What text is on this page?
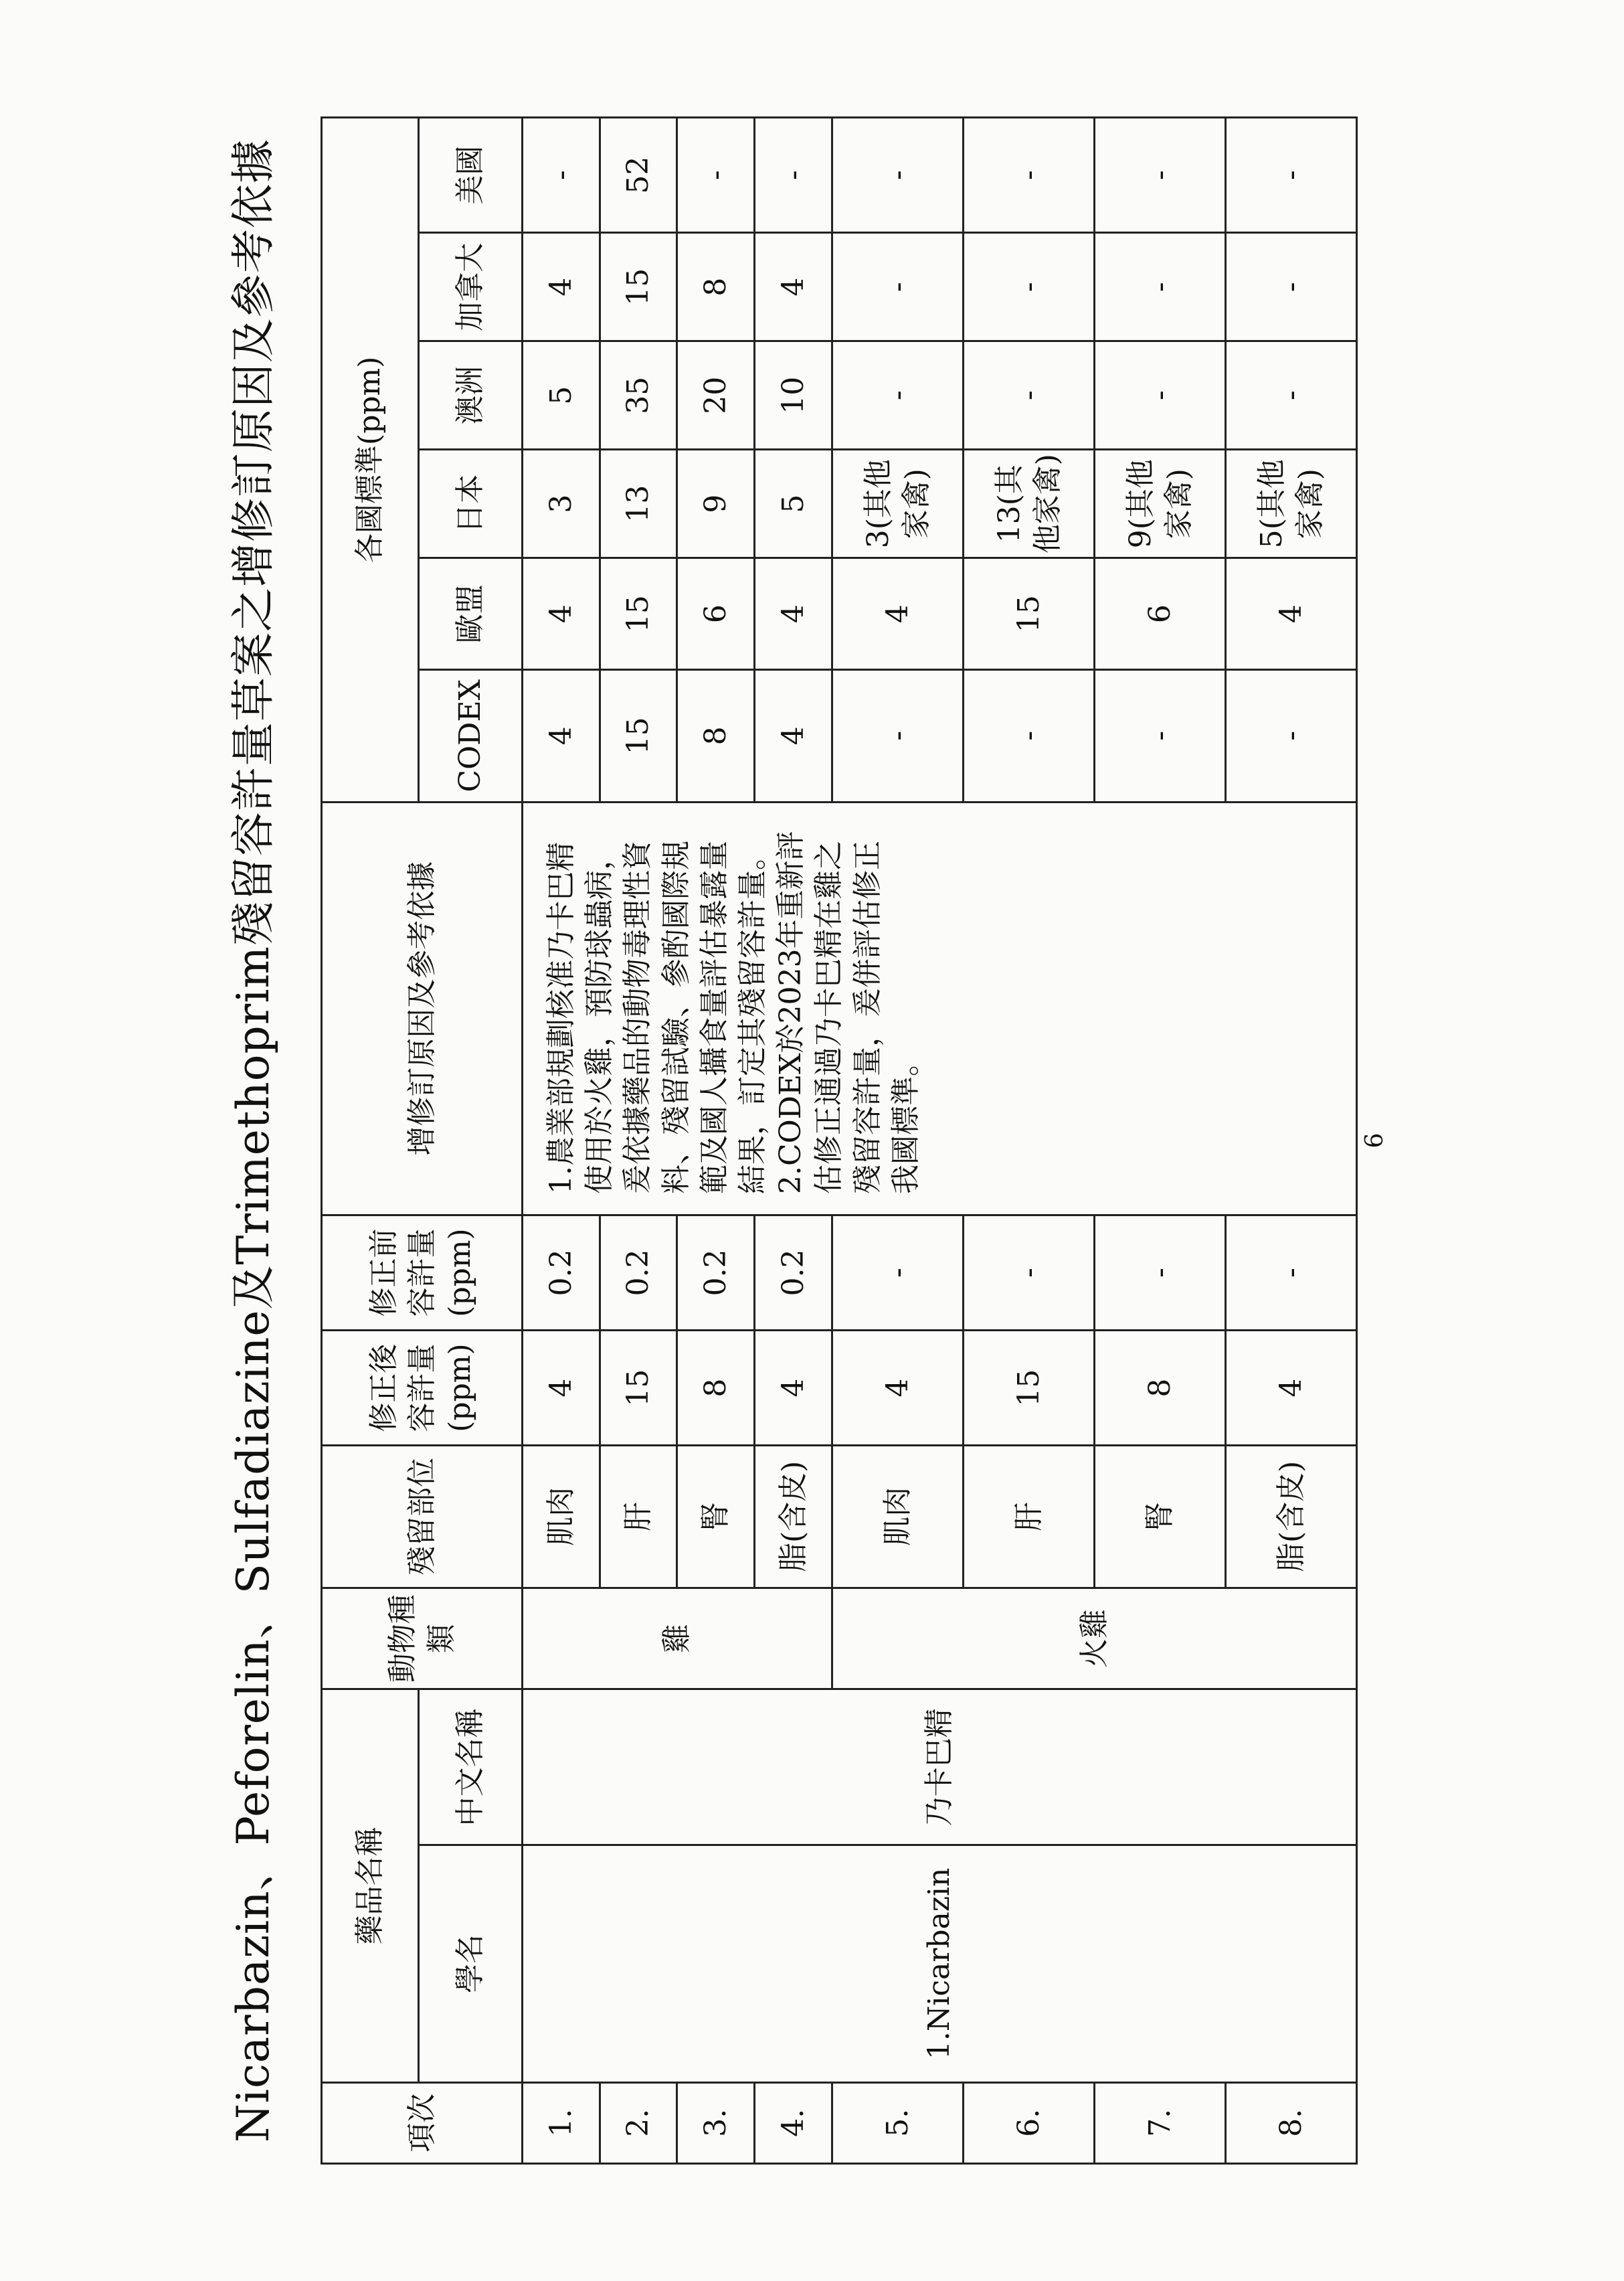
Nicarbazin、Peforelin、Sulfadiazine及Trimethoprim殘留容許量草案之增修訂原因及參考依據	項次	藥品名稱		動物種類	殘留部位	修正後容許量(ppm)	修正前容許量(ppm)	增修訂原因及參考依據	各國標準(ppm)					
	學名	中文名稱						CODEX	歐盟	日本	澳洲	加拿大	美國
1.	1.Nicarbazin	乃卡巴精	雞	肌肉	4	0.2	1.農業部規劃核准乃卡巴精使用於火雞，預防球蟲病，爰依據藥品的動物毒理性資料、殘留試驗、參酌國際規範及國人攝食量評估暴露量結果，訂定其殘留容許量。 2.CODEX於2023年重新評估修正通過乃卡巴精在雞之殘留容許量，爰併評估修正我國標準。	4	4	3	5	4	-
2.				肝	15	0.2		15	15	13	35	15	52
3.				腎	8	0.2		8	6	9	20	8	-
4.				脂(含皮)	4	0.2		4	4	5	10	4	-
5.			火雞	肌肉	4	-		-	4	3(其他家禽)	-	-	-
6.				肝	15	-		-	15	13(其他家禽)	-	-	-
7.				腎	8	-		-	6	9(其他家禽)	-	-	-
8.				脂(含皮)	4	-		-	4	5(其他家禽)	-	-	-
6
